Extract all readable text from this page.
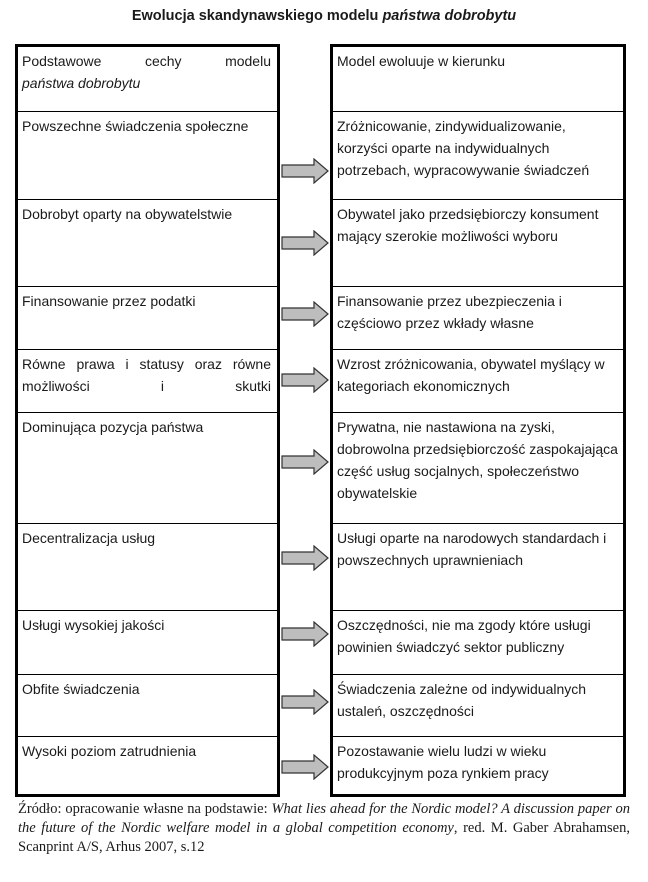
Ewolucja skandynawskiego modelu państwa dobrobytu
Podstawowe	cechy	modelu
państwa dobrobytu
Powszechne świadczenia społeczne
Dobrobyt oparty na obywatelstwie
Finansowanie przez podatki
Równe prawa i statusy oraz równe możliwości i skutki
Dominująca pozycja państwa
Decentralizacja usług
Usługi wysokiej jakości
Obfite świadczenia
Wysoki poziom zatrudnienia
Model ewoluuje w kierunku
Zróżnicowanie, zindywidualizowanie, korzyści oparte na indywidualnych potrzebach, wypracowywanie świadczeń
Obywatel jako przedsiębiorczy konsument mający szerokie możliwości wyboru
Finansowanie przez ubezpieczenia i częściowo przez wkłady własne
Wzrost zróżnicowania, obywatel myślący w kategoriach ekonomicznych
Prywatna, nie nastawiona na zyski, dobrowolna przedsiębiorczość zaspokajająca część usług socjalnych, społeczeństwo obywatelskie
Usługi oparte na narodowych standardach i powszechnych uprawnieniach
Oszczędności, nie ma zgody które usługi powinien świadczyć sektor publiczny
Świadczenia zależne od indywidualnych ustaleń, oszczędności
Pozostawanie wielu ludzi w wieku produkcyjnym poza rynkiem pracy
Źródło: opracowanie własne na podstawie: What lies ahead for the Nordic model? A discussion paper on the future of the Nordic welfare model in a global competition economy, red. M. Gaber Abrahamsen, Scanprint A/S, Arhus 2007, s.12
